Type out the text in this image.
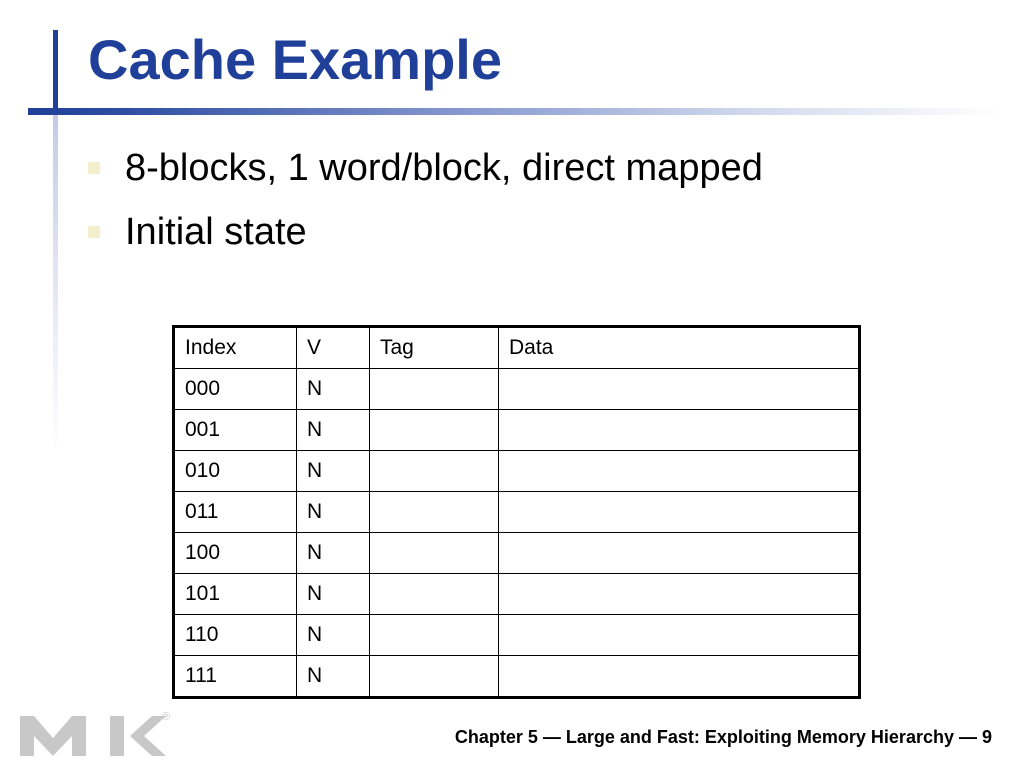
Cache Example
8-blocks, 1 word/block, direct mapped
Initial state
Index	V	Tag	Data
000	N		
001	N		
010	N		
011	N		
100	N		
101	N		
110	N		
111	N		
®
Chapter 5 — Large and Fast: Exploiting Memory Hierarchy — 9
